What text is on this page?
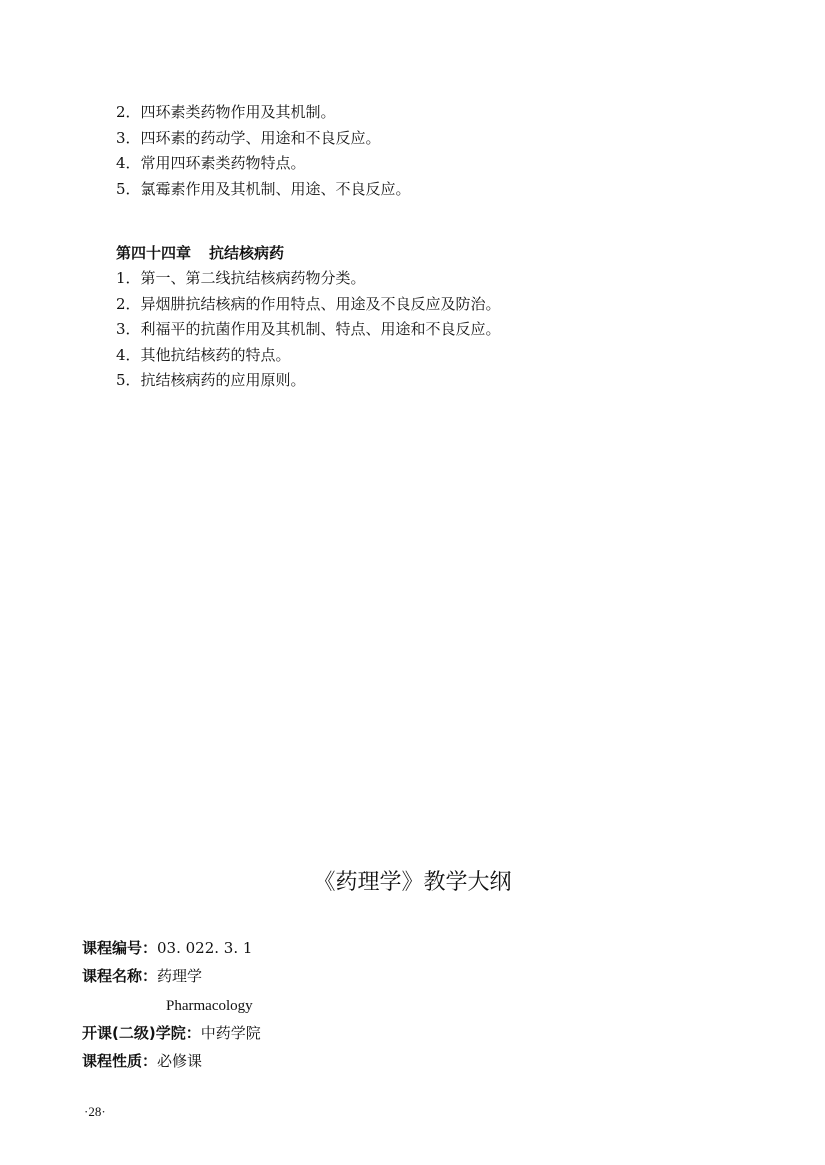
2．四环素类药物作用及其机制。
3．四环素的药动学、用途和不良反应。
4．常用四环素类药物特点。
5．氯霉素作用及其机制、用途、不良反应。
第四十四章 抗结核病药
1．第一、第二线抗结核病药物分类。
2．异烟肼抗结核病的作用特点、用途及不良反应及防治。
3．利福平的抗菌作用及其机制、特点、用途和不良反应。
4．其他抗结核药的特点。
5．抗结核病药的应用原则。
《药理学》教学大纲
课程编号：03. 022. 3. 1
课程名称：药理学
Pharmacology
开课(二级)学院：中药学院
课程性质：必修课
·28·
